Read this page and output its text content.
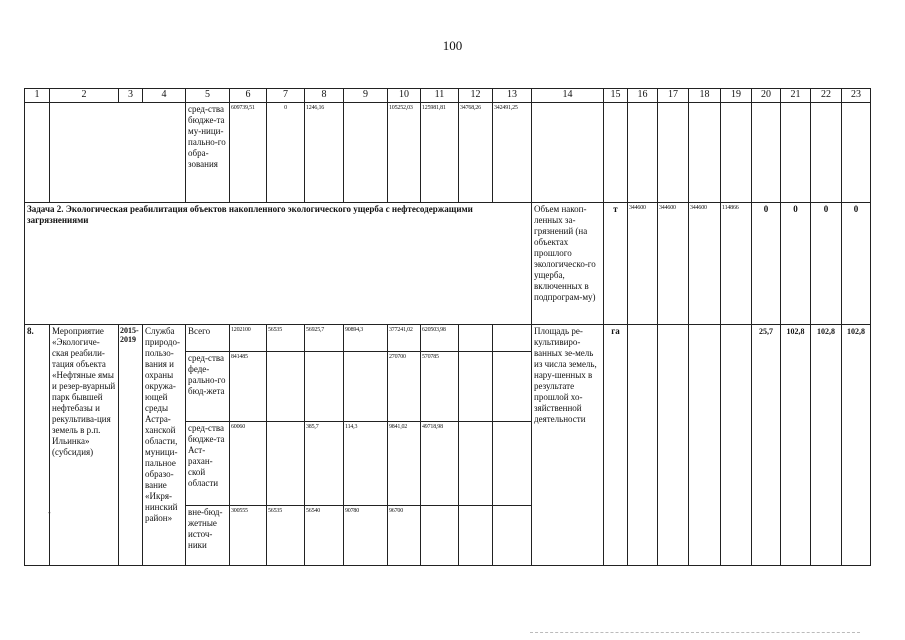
100
1	2	3	4	5	6	7	8	9	10	11	12	13	14	15	16	17	18	19	20	21	22	23
				сред-ства бюдже-та му-ници-пально-го обра-зования	609739,51	0	1246,16		105252,03	125981,81	34768,26	342491,25										
Задача 2. Экологическая реабилитация объектов накопленного экологического ущерба с нефтесодержащими загрязнениями													Объем накоп-ленных за-грязнений (на объектах прошлого экологическо-го ущерба, включенных в подпрограм-му)	т	344600	344600	344600	114866	0	0	0	0
8.	Мероприятие «Экологиче-ская реабили-тация объекта «Нефтяные ямы и резер-вуарный парк бывшей нефтебазы и рекультива-ция земель в р.п. Ильинка» (субсидия)	2015-2019	Служба природо-пользо-вания и охраны окружа-ющей среды Астра-ханской области, муници-пальное образо-вание «Икря-нинский район»	Всего	1202100	56535	56925,7	90894,3	377241,02	620503,98			Площадь ре-культивиро-ванных зе-мель из числа земель, нару-шенных в результате прошлой хо-зяйственной деятельности	га					25,7	102,8	102,8	102,8
				сред-ства феде-рально-го бюд-жета	841485				270700	570785												
				сред-ства бюдже-та Аст-рахан-ской области	60060		385,7	114,3	9841,02	49718,98												
				вне-бюд-жетные источ-ники	300555	56535	56540	90780	96700													
-
